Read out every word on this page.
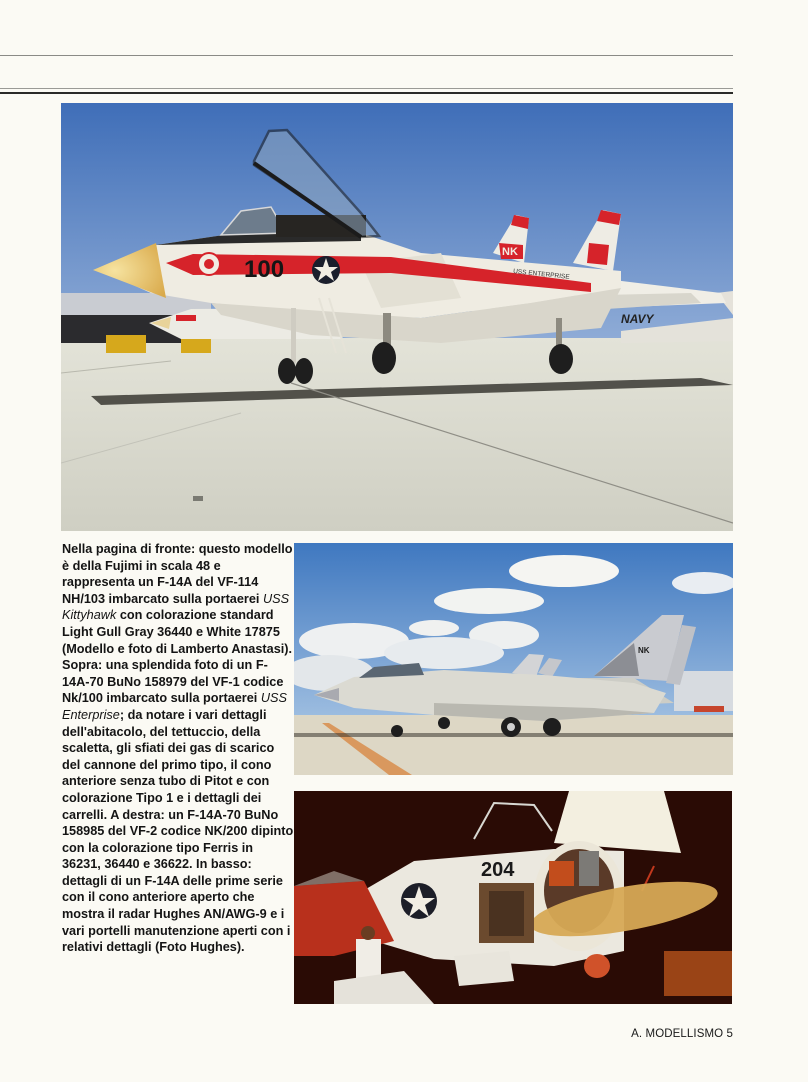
100	USS ENTERPRISE
NAVY
NK
Nella pagina di fronte: questo modello è della Fujimi in scala 48 e rappresenta un F-14A del VF-114 NH/103 imbarcato sulla portaerei USS Kittyhawk con colorazione standard Light Gull Gray 36440 e White 17875 (Modello e foto di Lamberto Anastasi). Sopra: una splendida foto di un F-14A-70 BuNo 158979 del VF-1 codice Nk/100 imbarcato sulla portaerei USS Enterprise; da notare i vari dettagli dell'abitacolo, del tettuccio, della scaletta, gli sfiati dei gas di scarico del cannone del primo tipo, il cono anteriore senza tubo di Pitot e con colorazione Tipo 1 e i dettagli dei carrelli. A destra: un F-14A-70 BuNo 158985 del VF-2 codice NK/200 dipinto con la colorazione tipo Ferris in 36231, 36440 e 36622. In basso: dettagli di un F-14A delle prime serie con il cono anteriore aperto che mostra il radar Hughes AN/AWG-9 e i vari portelli manutenzione aperti con i relativi dettagli (Foto Hughes).
NK
204
A. MODELLISMO 5
